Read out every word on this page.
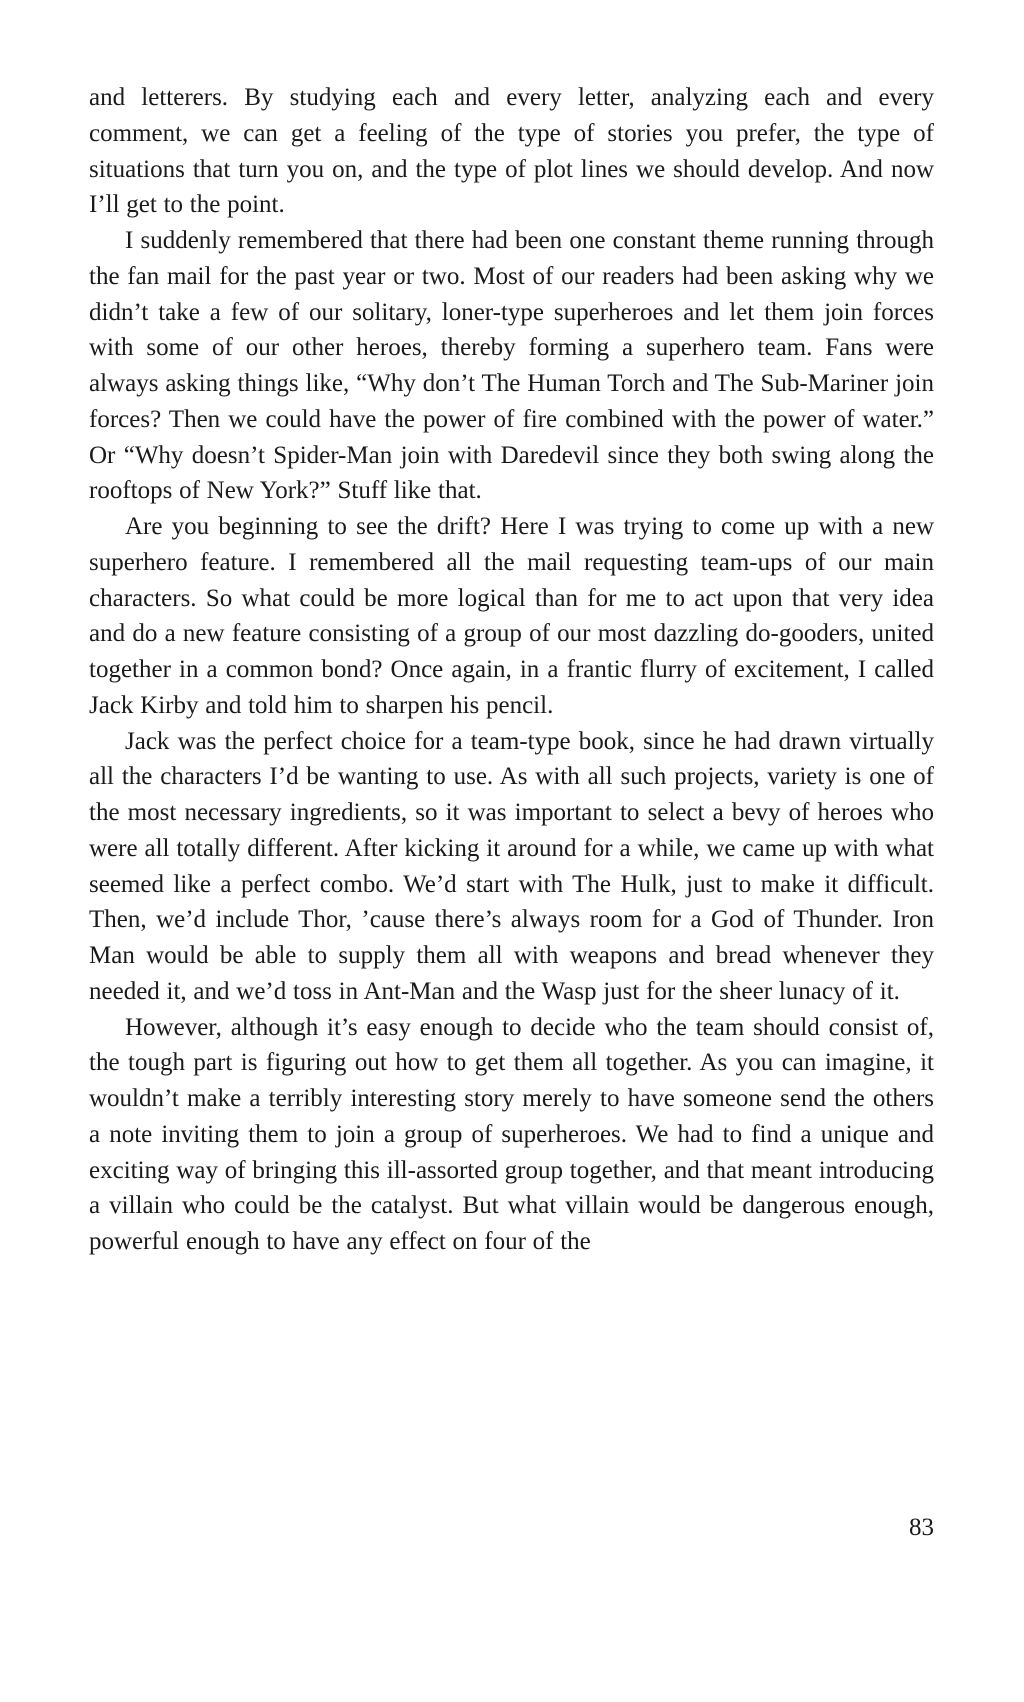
and letterers. By studying each and every letter, analyzing each and every comment, we can get a feeling of the type of stories you prefer, the type of situations that turn you on, and the type of plot lines we should develop. And now I’ll get to the point.

I suddenly remembered that there had been one constant theme running through the fan mail for the past year or two. Most of our readers had been asking why we didn’t take a few of our solitary, loner-type superheroes and let them join forces with some of our other heroes, thereby forming a superhero team. Fans were always asking things like, “Why don’t The Human Torch and The Sub-Mariner join forces? Then we could have the power of fire combined with the power of water.” Or “Why doesn’t Spider-Man join with Daredevil since they both swing along the rooftops of New York?” Stuff like that.

Are you beginning to see the drift? Here I was trying to come up with a new superhero feature. I remembered all the mail requesting team-ups of our main characters. So what could be more logical than for me to act upon that very idea and do a new feature consisting of a group of our most dazzling do-gooders, united together in a common bond? Once again, in a frantic flurry of excitement, I called Jack Kirby and told him to sharpen his pencil.

Jack was the perfect choice for a team-type book, since he had drawn virtually all the characters I’d be wanting to use. As with all such projects, variety is one of the most necessary ingredients, so it was important to select a bevy of heroes who were all totally different. After kicking it around for a while, we came up with what seemed like a perfect combo. We’d start with The Hulk, just to make it difficult. Then, we’d include Thor, ’cause there’s always room for a God of Thunder. Iron Man would be able to supply them all with weapons and bread whenever they needed it, and we’d toss in Ant-Man and the Wasp just for the sheer lunacy of it.

However, although it’s easy enough to decide who the team should consist of, the tough part is figuring out how to get them all together. As you can imagine, it wouldn’t make a terribly interesting story merely to have someone send the others a note inviting them to join a group of superheroes. We had to find a unique and exciting way of bringing this ill-assorted group together, and that meant introducing a villain who could be the catalyst. But what villain would be dangerous enough, powerful enough to have any effect on four of the

83
